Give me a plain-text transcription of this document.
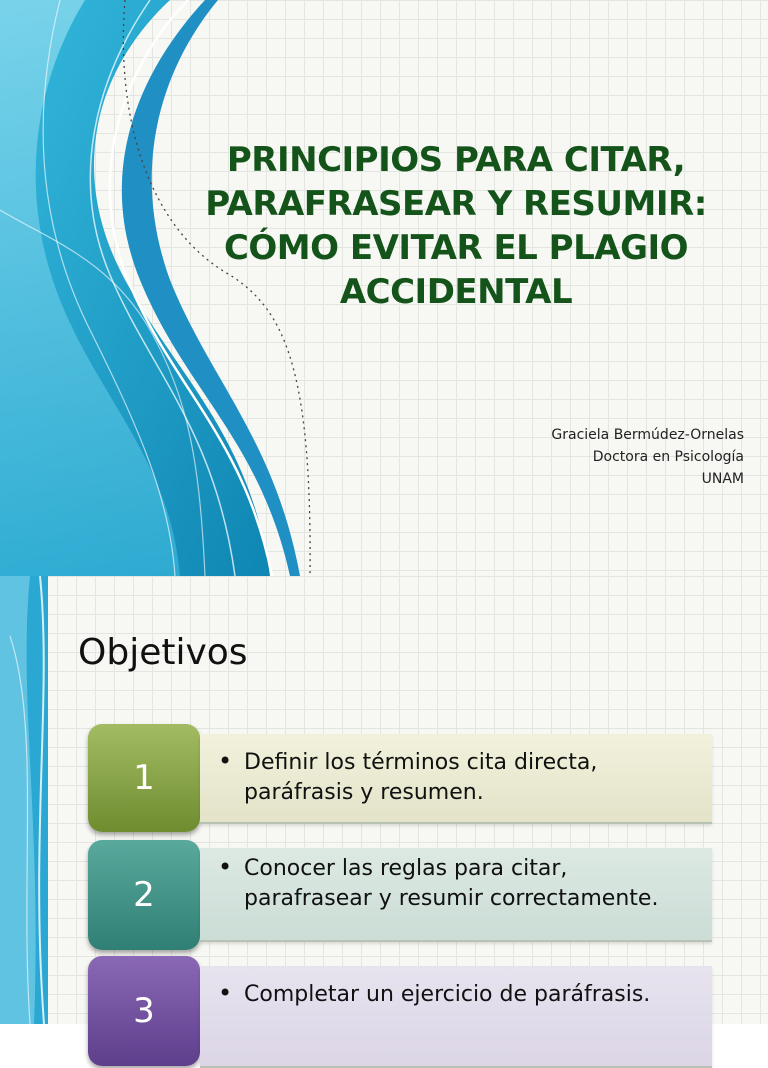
PRINCIPIOS PARA CITAR, PARAFRASEAR Y RESUMIR: CÓMO EVITAR EL PLAGIO ACCIDENTAL
Graciela Bermúdez-Ornelas
Doctora en Psicología
UNAM
Objetivos
1	• Definir los términos cita directa, paráfrasis y resumen.
2
• Conocer las reglas para citar, parafrasear y resumir correctamente.
3	• Completar un ejercicio de paráfrasis.
